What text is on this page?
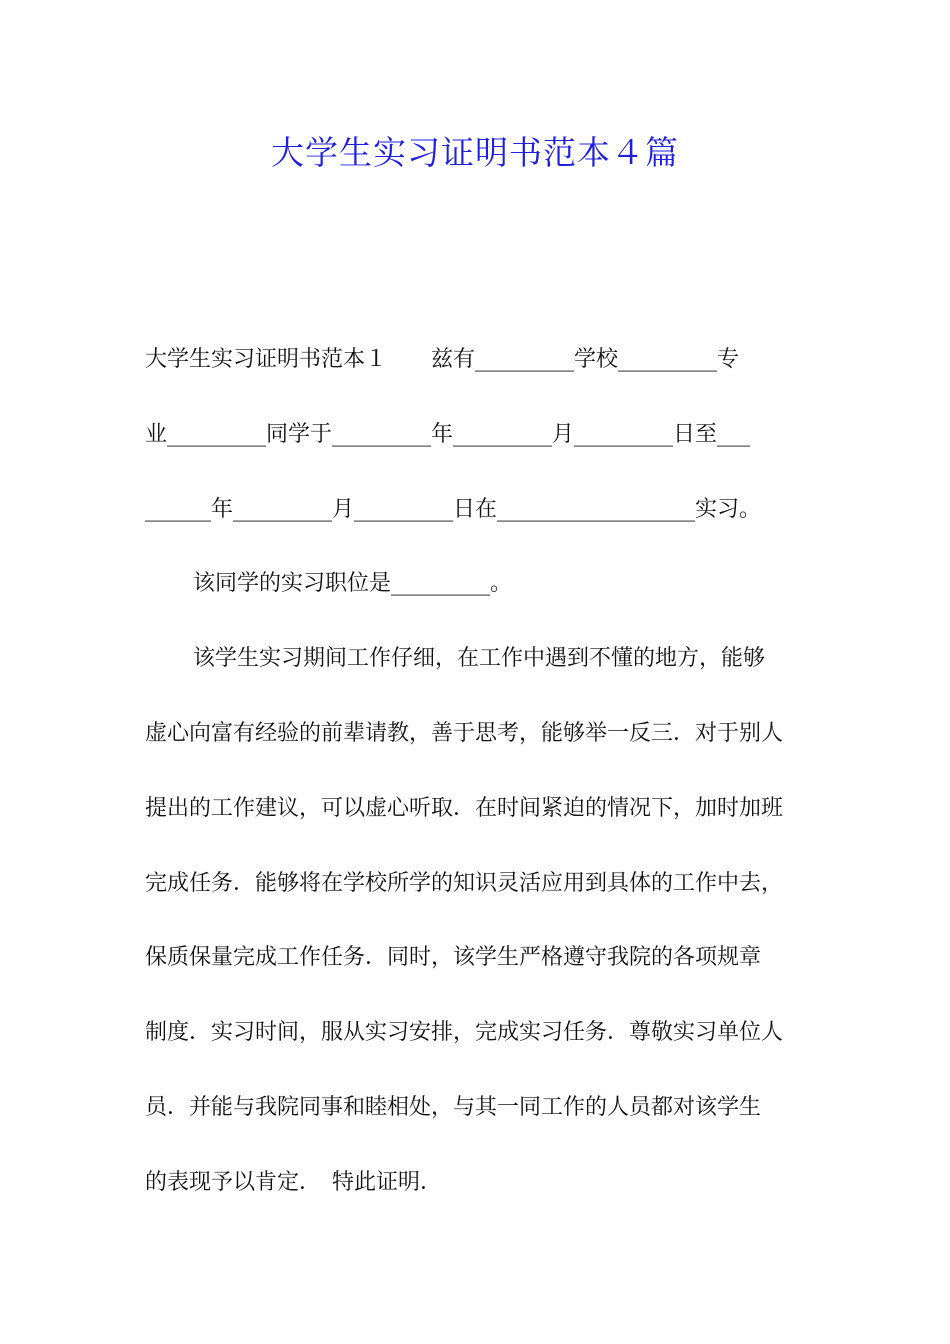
大学生实习证明书范本４篇
大学生实习证明书范本１　　兹有_________学校_________专
业_________同学于_________年_________月_________日至___
______年_________月_________日在__________________实习。
该同学的实习职位是_________。
该学生实习期间工作仔细，在工作中遇到不懂的地方，能够
虚心向富有经验的前辈请教，善于思考，能够举一反三．对于别人
提出的工作建议，可以虚心听取．在时间紧迫的情况下，加时加班
完成任务．能够将在学校所学的知识灵活应用到具体的工作中去，
保质保量完成工作任务．同时，该学生严格遵守我院的各项规章
制度．实习时间，服从实习安排，完成实习任务．尊敬实习单位人
员．并能与我院同事和睦相处，与其一同工作的人员都对该学生
的表现予以肯定．　特此证明．
